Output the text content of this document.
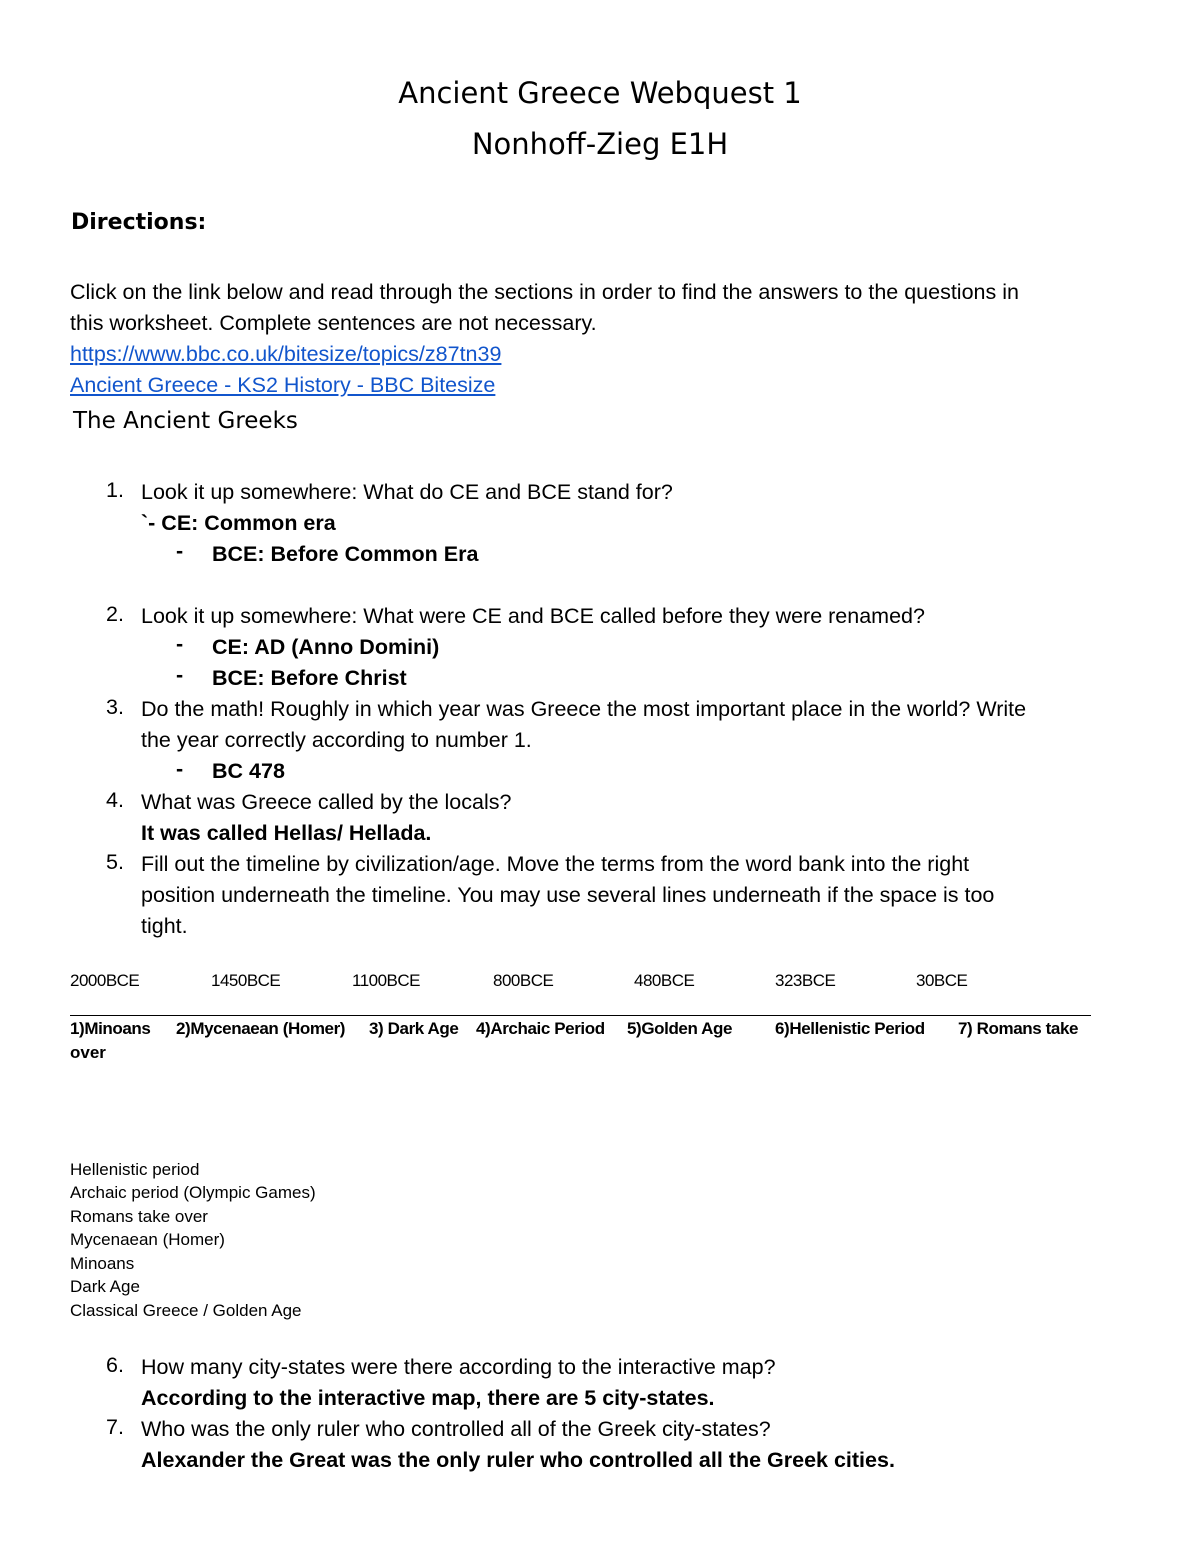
Ancient Greece Webquest 1
Nonhoff-Zieg E1H
Directions:
Click on the link below and read through the sections in order to find the answers to the questions in
this worksheet. Complete sentences are not necessary.
https://www.bbc.co.uk/bitesize/topics/z87tn39
Ancient Greece - KS2 History - BBC Bitesize
The Ancient Greeks
1. Look it up somewhere: What do CE and BCE stand for?
`- CE: Common era
- BCE: Before Common Era
2. Look it up somewhere: What were CE and BCE called before they were renamed?
- CE: AD (Anno Domini)
- BCE: Before Christ
3. Do the math! Roughly in which year was Greece the most important place in the world? Write
the year correctly according to number 1.
- BC 478
4. What was Greece called by the locals?
It was called Hellas/ Hellada.
5. Fill out the timeline by civilization/age. Move the terms from the word bank into the right
position underneath the timeline. You may use several lines underneath if the space is too
tight.
2000BCE	1450BCE	1100BCE	800BCE	480BCE	323BCE	30BCE
1)Minoans 2)Mycenaean (Homer) 3) Dark Age 4)Archaic Period 5)Golden Age	6)Hellenistic Period 7) Romans take
over
Hellenistic period
Archaic period (Olympic Games)
Romans take over
Mycenaean (Homer)
Minoans
Dark Age
Classical Greece / Golden Age
6. How many city-states were there according to the interactive map?
According to the interactive map, there are 5 city-states.
7. Who was the only ruler who controlled all of the Greek city-states?
Alexander the Great was the only ruler who controlled all the Greek cities.
